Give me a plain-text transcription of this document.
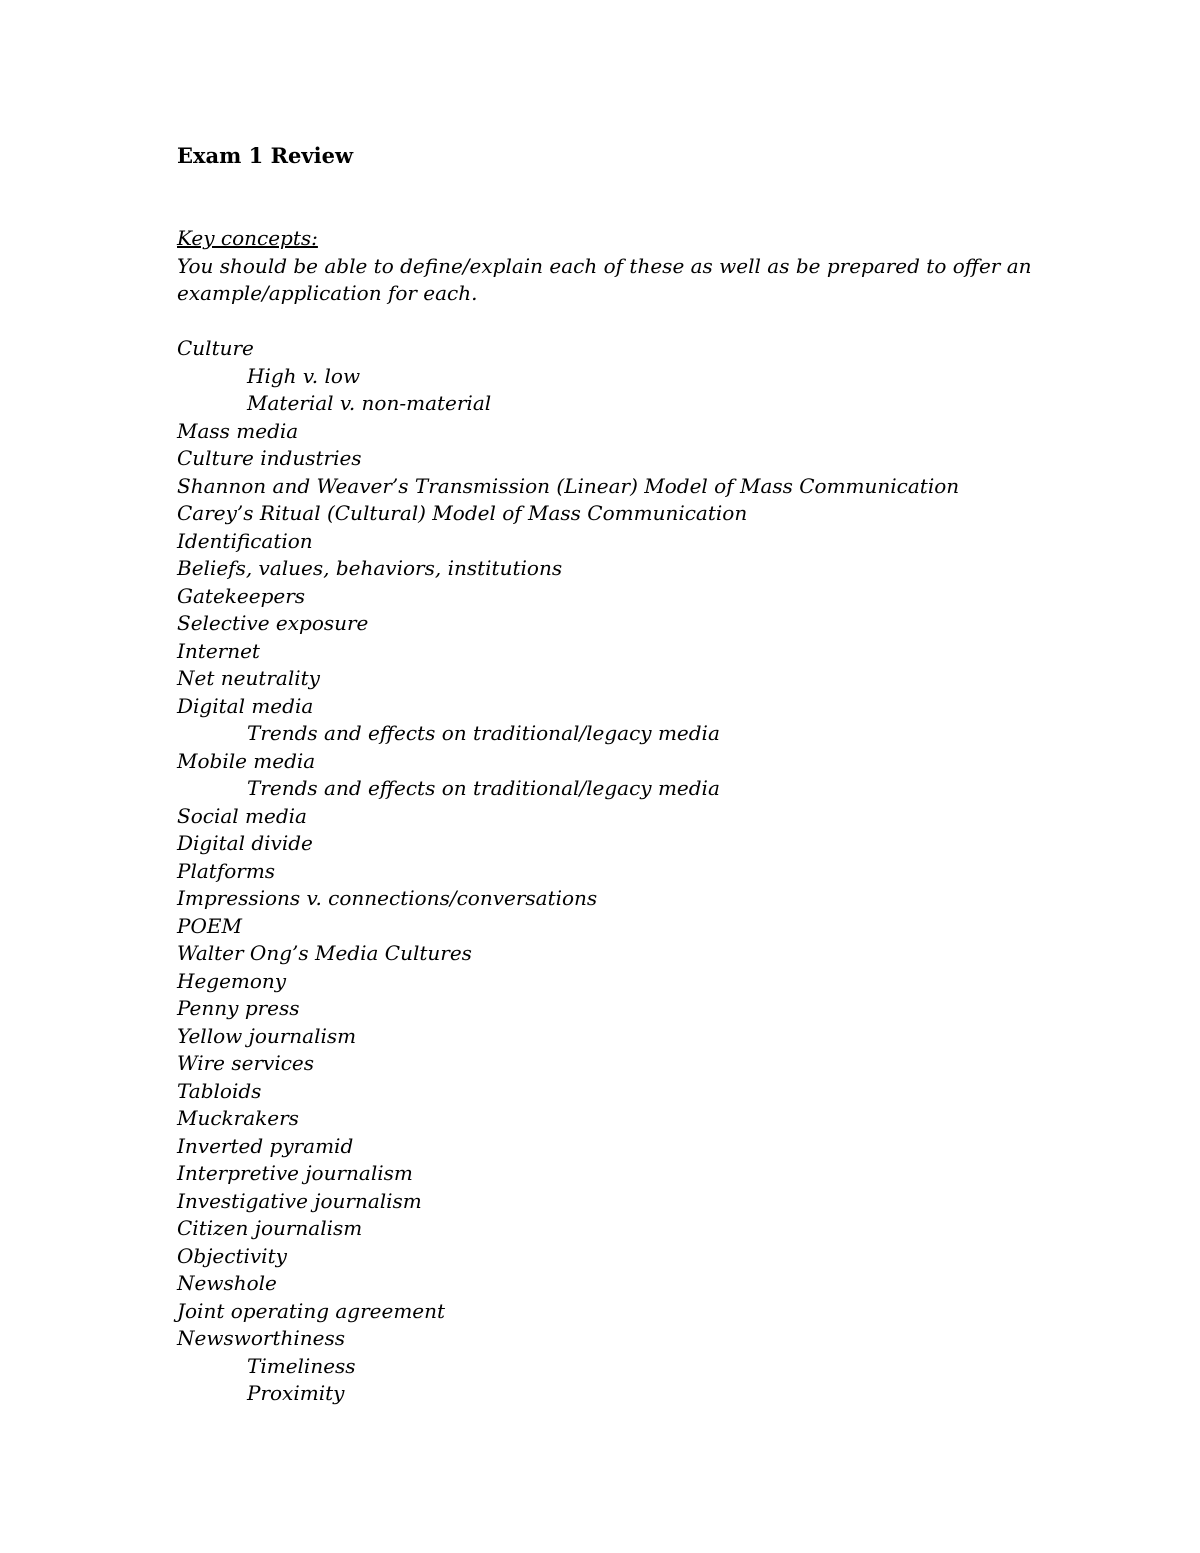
Exam 1 Review
Key concepts:
You should be able to define/explain each of these as well as be prepared to offer an
example/application for each.
Culture
High v. low
Material v. non-material
Mass media
Culture industries
Shannon and Weaver’s Transmission (Linear) Model of Mass Communication
Carey’s Ritual (Cultural) Model of Mass Communication
Identification
Beliefs, values, behaviors, institutions
Gatekeepers
Selective exposure
Internet
Net neutrality
Digital media
Trends and effects on traditional/legacy media
Mobile media
Trends and effects on traditional/legacy media
Social media
Digital divide
Platforms
Impressions v. connections/conversations
POEM
Walter Ong’s Media Cultures
Hegemony
Penny press
Yellow journalism
Wire services
Tabloids
Muckrakers
Inverted pyramid
Interpretive journalism
Investigative journalism
Citizen journalism
Objectivity
Newshole
Joint operating agreement
Newsworthiness
Timeliness
Proximity
